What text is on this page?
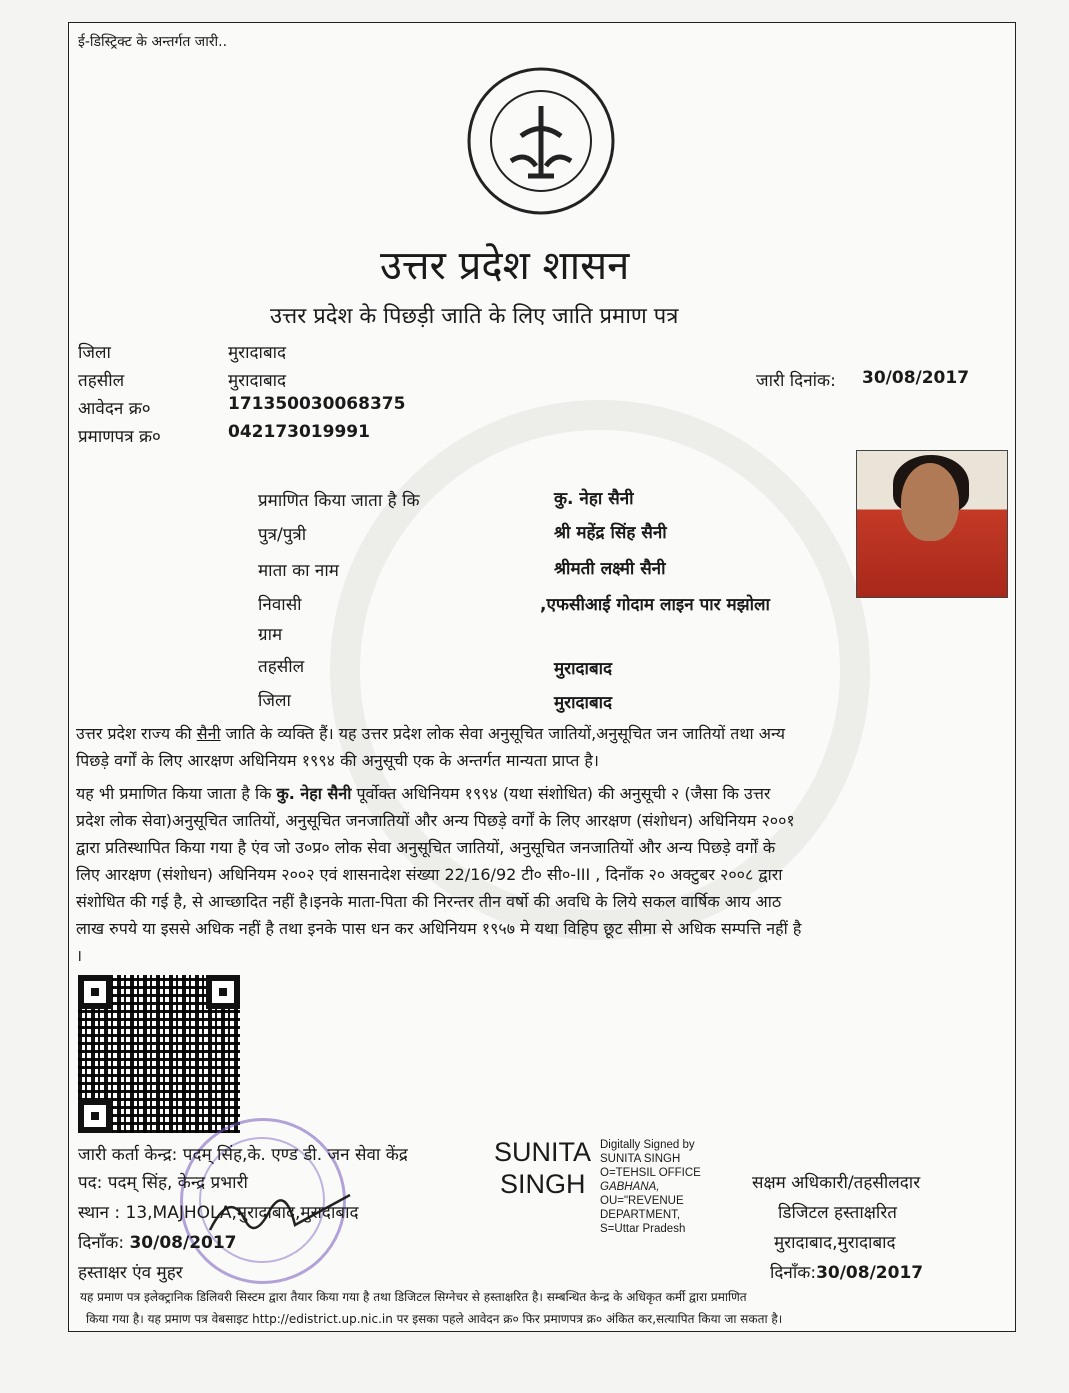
ई-डिस्ट्रिक्ट के अन्तर्गत जारी..
उत्तर प्रदेश शासन
उत्तर प्रदेश के पिछड़ी जाति के लिए जाति प्रमाण पत्र
जिला	मुरादाबाद
तहसील	मुरादाबाद
आवेदन क्र०	171350030068375
प्रमाणपत्र क्र०	042173019991
जारी दिनांक: 30/08/2017
प्रमाणित किया जाता है कि	कु. नेहा सैनी
पुत्र/पुत्री	श्री महेंद्र सिंह सैनी
माता का नाम	श्रीमती लक्ष्मी सैनी
निवासी	,एफसीआई गोदाम लाइन पार मझोला
ग्राम
तहसील	मुरादाबाद
जिला	मुरादाबाद
उत्तर प्रदेश राज्य की सैनी जाति के व्यक्ति हैं। यह उत्तर प्रदेश लोक सेवा अनुसूचित जातियों,अनुसूचित जन जातियों तथा अन्य
पिछड़े वर्गों के लिए आरक्षण अधिनियम १९९४ की अनुसूची एक के अन्तर्गत मान्यता प्राप्त है।
यह भी प्रमाणित किया जाता है कि कु. नेहा सैनी पूर्वोक्त अधिनियम १९९४ (यथा संशोधित) की अनुसूची २ (जैसा कि उत्तर
प्रदेश लोक सेवा)अनुसूचित जातियों, अनुसूचित जनजातियों और अन्य पिछड़े वर्गों के लिए आरक्षण (संशोधन) अधिनियम २००१
द्वारा प्रतिस्थापित किया गया है एंव जो उ०प्र० लोक सेवा अनुसूचित जातियों, अनुसूचित जनजातियों और अन्य पिछड़े वर्गों के
लिए आरक्षण (संशोधन) अधिनियम २००२ एवं शासनादेश संख्या 22/16/92 टी० सी०-III , दिनाँक २० अक्टुबर २००८ द्वारा
संशोधित की गई है, से आच्छादित नहीं है।इनके माता-पिता की निरन्तर तीन वर्षो की अवधि के लिये सकल वार्षिक आय आठ
लाख रुपये या इससे अधिक नहीं है तथा इनके पास धन कर अधिनियम १९५७ मे यथा विहिप छूट सीमा से अधिक सम्पत्ति नहीं है
।
जारी कर्ता केन्द्र: पदम् सिंह,के. एण्ड डी. जन सेवा केंद्र
पद: पदम् सिंह, केन्द्र प्रभारी
स्थान : 13,MAJHOLA,मुरादाबाद,मुरादाबाद
दिनाँक: 30/08/2017
हस्ताक्षर एंव मुहर
SUNITA
SINGH
Digitally Signed by
SUNITA SINGH
O=TEHSIL OFFICE
GABHANA,
OU="REVENUE
DEPARTMENT,
S=Uttar Pradesh
सक्षम अधिकारी/तहसीलदार
डिजिटल हस्ताक्षरित
मुरादाबाद,मुरादाबाद
दिनाँक:30/08/2017
यह प्रमाण पत्र इलेक्ट्रानिक डिलिवरी सिस्टम द्वारा तैयार किया गया है तथा डिजिटल सिग्नेचर से हस्ताक्षरित है। सम्बन्धित केन्द्र के अधिकृत कर्मी द्वारा प्रमाणित
किया गया है। यह प्रमाण पत्र वेबसाइट http://edistrict.up.nic.in पर इसका पहले आवेदन क्र० फिर प्रमाणपत्र क्र० अंकित कर,सत्यापित किया जा सकता है।
